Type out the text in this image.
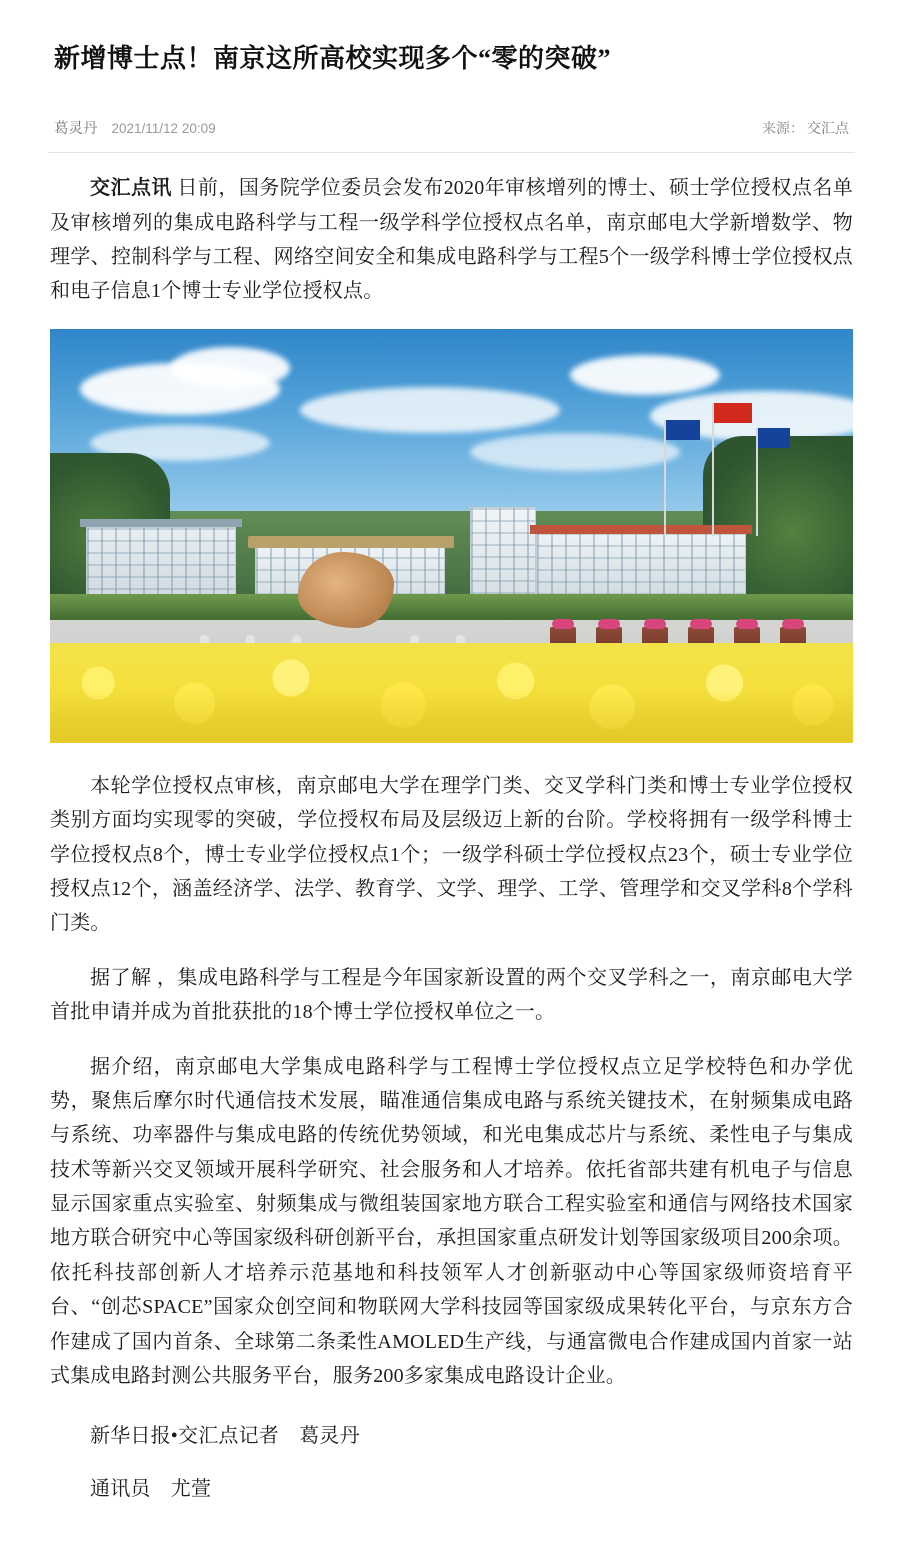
新增博士点！南京这所高校实现多个“零的突破”
葛灵丹 2021/11/12 20:09	来源： 交汇点

交汇点讯 日前，国务院学位委员会发布2020年审核增列的博士、硕士学位授权点名单及审核增列的集成电路科学与工程一级学科学位授权点名单，南京邮电大学新增数学、物理学、控制科学与工程、网络空间安全和集成电路科学与工程5个一级学科博士学位授权点和电子信息1个博士专业学位授权点。

本轮学位授权点审核，南京邮电大学在理学门类、交叉学科门类和博士专业学位授权类别方面均实现零的突破，学位授权布局及层级迈上新的台阶。学校将拥有一级学科博士学位授权点8个，博士专业学位授权点1个；一级学科硕士学位授权点23个，硕士专业学位授权点12个，涵盖经济学、法学、教育学、文学、理学、工学、管理学和交叉学科8个学科门类。

据了解 ，集成电路科学与工程是今年国家新设置的两个交叉学科之一，南京邮电大学首批申请并成为首批获批的18个博士学位授权单位之一。

据介绍，南京邮电大学集成电路科学与工程博士学位授权点立足学校特色和办学优势，聚焦后摩尔时代通信技术发展，瞄准通信集成电路与系统关键技术，在射频集成电路与系统、功率器件与集成电路的传统优势领域，和光电集成芯片与系统、柔性电子与集成技术等新兴交叉领域开展科学研究、社会服务和人才培养。依托省部共建有机电子与信息显示国家重点实验室、射频集成与微组装国家地方联合工程实验室和通信与网络技术国家地方联合研究中心等国家级科研创新平台，承担国家重点研发计划等国家级项目200余项。依托科技部创新人才培养示范基地和科技领军人才创新驱动中心等国家级师资培育平台、“创芯SPACE”国家众创空间和物联网大学科技园等国家级成果转化平台，与京东方合作建成了国内首条、全球第二条柔性AMOLED生产线，与通富微电合作建成国内首家一站式集成电路封测公共服务平台，服务200多家集成电路设计企业。

新华日报•交汇点记者　葛灵丹

通讯员　尤萱
